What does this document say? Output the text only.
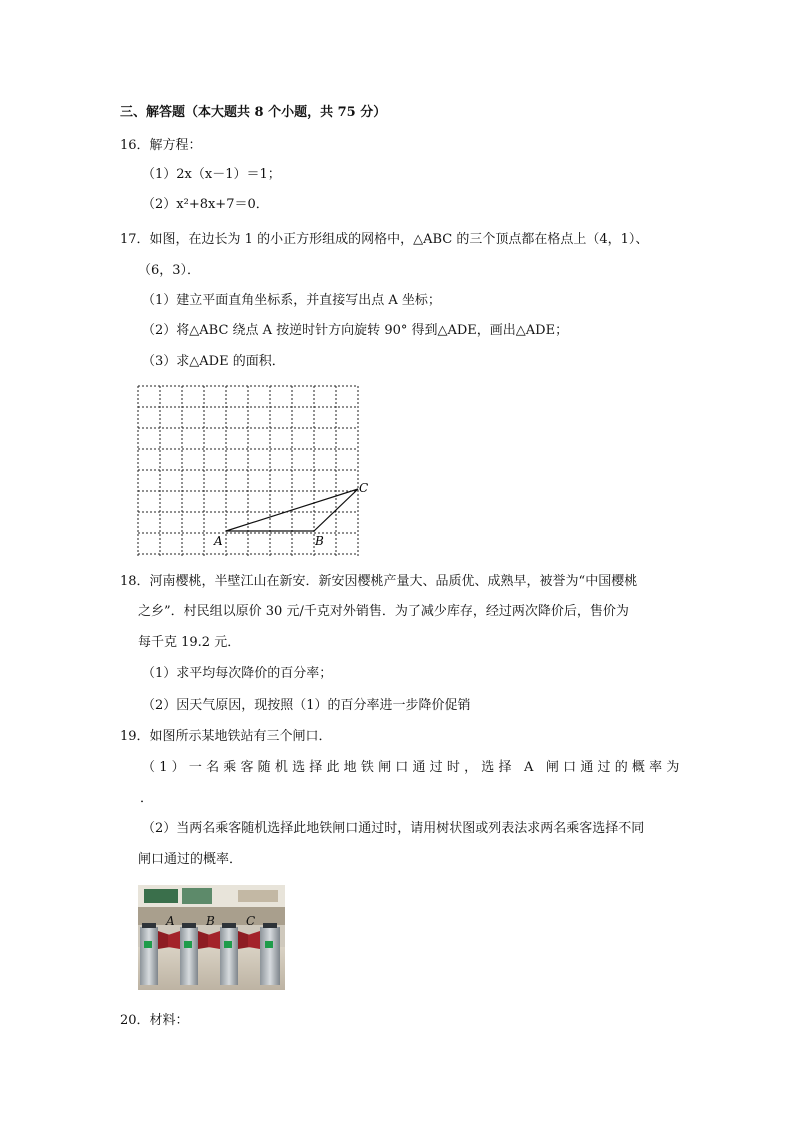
三、解答题（本大题共 8 个小题，共 75 分）
16．解方程：
（1）2x（x－1）＝1；
（2）x²+8x+7＝0．
17．如图，在边长为 1 的小正方形组成的网格中，△ABC 的三个顶点都在格点上（4，1）、
（6，3）．
（1）建立平面直角坐标系，并直接写出点 A 坐标；
（2）将△ABC 绕点 A 按逆时针方向旋转 90° 得到△ADE，画出△ADE；
（3）求△ADE 的面积．
A	B
C
18．河南樱桃，半壁江山在新安．新安因樱桃产量大、品质优、成熟早，被誉为“中国樱桃
之乡”．村民组以原价 30 元/千克对外销售．为了减少库存，经过两次降价后，售价为
每千克 19.2 元．
（1）求平均每次降价的百分率；
（2）因天气原因，现按照（1）的百分率进一步降价促销
19．如图所示某地铁站有三个闸口．
（1）一名乘客随机选择此地铁闸口通过时，选择 A 闸口通过的概率为
．
（2）当两名乘客随机选择此地铁闸口通过时，请用树状图或列表法求两名乘客选择不同
闸口通过的概率．
A	B	C
20．材料：
